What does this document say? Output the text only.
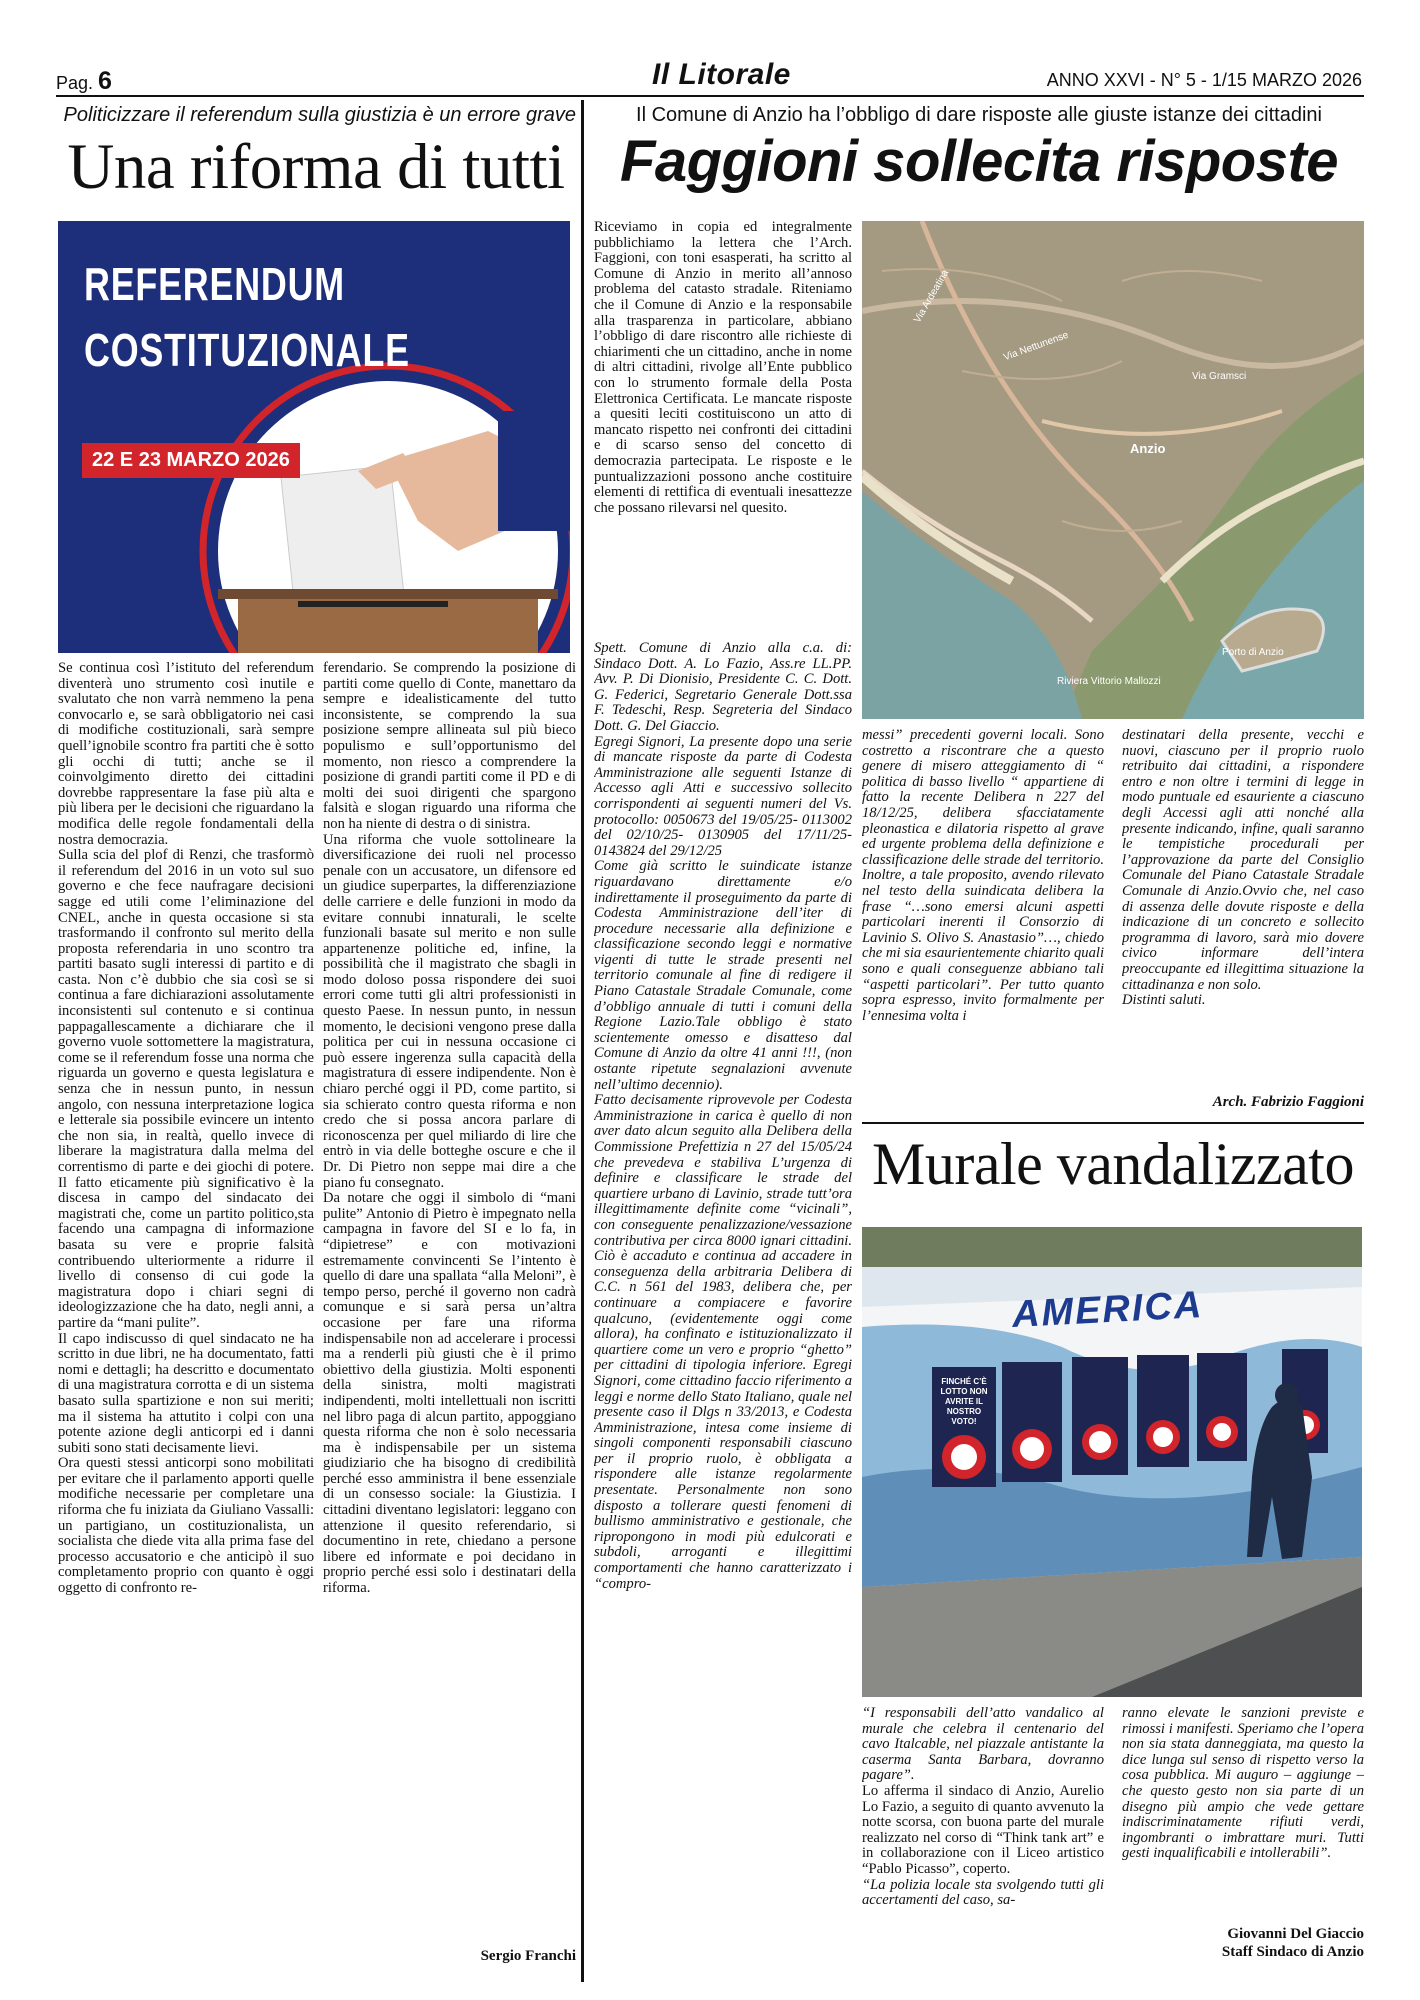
Pag. 6	Il Litorale	ANNO XXVI - N° 5 - 1/15 MARZO 2026
Politicizzare il referendum sulla giustizia è un errore grave
Una riforma di tutti
REFERENDUM
COSTITUZIONALE
22 E 23 MARZO 2026

Se continua così l’istituto del referendum diventerà uno strumento così inutile e svalutato che non varrà nemmeno la pena convocarlo e, se sarà obbligatorio nei casi di modifiche costituzionali, sarà sempre quell’ignobile scontro fra partiti che è sotto gli occhi di tutti; anche se il coinvolgimento diretto dei cittadini dovrebbe rappresentare la fase più alta e più libera per le decisioni che riguardano la modifica delle regole fondamentali della nostra democrazia.

Sulla scia del plof di Renzi, che trasformò il referendum del 2016 in un voto sul suo governo e che fece naufragare decisioni sagge ed utili come l’eliminazione del CNEL, anche in questa occasione si sta trasformando il confronto sul merito della proposta referendaria in uno scontro tra partiti basato sugli interessi di partito e di casta. Non c’è dubbio che sia così se si continua a fare dichiarazioni assolutamente inconsistenti sul contenuto e si continua pappagallescamente a dichiarare che il governo vuole sottomettere la magistratura, come se il referendum fosse una norma che riguarda un governo e questa legislatura e senza che in nessun punto, in nessun angolo, con nessuna interpretazione logica e letterale sia possibile evincere un intento che non sia, in realtà, quello invece di liberare la magistratura dalla melma del correntismo di parte e dei giochi di potere. Il fatto eticamente più significativo è la discesa in campo del sindacato dei magistrati che, come un partito politico,sta facendo una campagna di informazione basata su vere e proprie falsità contribuendo ulteriormente a ridurre il livello di consenso di cui gode la magistratura dopo i chiari segni di ideologizzazione che ha dato, negli anni, a partire da “mani pulite”.

Il capo indiscusso di quel sindacato ne ha scritto in due libri, ne ha documentato, fatti nomi e dettagli; ha descritto e documentato di una magistratura corrotta e di un sistema basato sulla spartizione e non sui meriti; ma il sistema ha attutito i colpi con una potente azione degli anticorpi ed i danni subiti sono stati decisamente lievi.

Ora questi stessi anticorpi sono mobilitati per evitare che il parlamento apporti quelle modifiche necessarie per completare una riforma che fu iniziata da Giuliano Vassalli: un partigiano, un costituzionalista, un socialista che diede vita alla prima fase del processo accusatorio e che anticipò il suo completamento proprio con quanto è oggi oggetto di confronto re-

ferendario. Se comprendo la posizione di partiti come quello di Conte, manettaro da sempre e idealisticamente del tutto inconsistente, se comprendo la sua posizione sempre allineata sul più bieco populismo e sull’opportunismo del momento, non riesco a comprendere la posizione di grandi partiti come il PD e di molti dei suoi dirigenti che spargono falsità e slogan riguardo una riforma che non ha niente di destra o di sinistra.

Una riforma che vuole sottolineare la diversificazione dei ruoli nel processo penale con un accusatore, un difensore ed un giudice superpartes, la differenziazione delle carriere e delle funzioni in modo da evitare connubi innaturali, le scelte funzionali basate sul merito e non sulle appartenenze politiche ed, infine, la possibilità che il magistrato che sbagli in modo doloso possa rispondere dei suoi errori come tutti gli altri professionisti in questo Paese. In nessun punto, in nessun momento, le decisioni vengono prese dalla politica per cui in nessuna occasione ci può essere ingerenza sulla capacità della magistratura di essere indipendente. Non è chiaro perché oggi il PD, come partito, si sia schierato contro questa riforma e non credo che si possa ancora parlare di riconoscenza per quel miliardo di lire che entrò in via delle botteghe oscure e che il Dr. Di Pietro non seppe mai dire a che piano fu consegnato.

Da notare che oggi il simbolo di “mani pulite” Antonio di Pietro è impegnato nella campagna in favore del SI e lo fa, in “dipietrese” e con motivazioni estremamente convincenti Se l’intento è quello di dare una spallata “alla Meloni”, è tempo perso, perché il governo non cadrà comunque e si sarà persa un’altra occasione per fare una riforma indispensabile non ad accelerare i processi ma a renderli più giusti che è il primo obiettivo della giustizia. Molti esponenti della sinistra, molti magistrati indipendenti, molti intellettuali non iscritti nel libro paga di alcun partito, appoggiano questa riforma che non è solo necessaria ma è indispensabile per un sistema giudiziario che ha bisogno di credibilità perché esso amministra il bene essenziale di un consesso sociale: la Giustizia. I cittadini diventano legislatori: leggano con attenzione il quesito referendario, si documentino in rete, chiedano a persone libere ed informate e poi decidano in proprio perché essi solo i destinatari della riforma.

Sergio Franchi
Il Comune di Anzio ha l’obbligo di dare risposte alle giuste istanze dei cittadini
Faggioni sollecita risposte
Riceviamo in copia ed integralmente pubblichiamo la lettera che l’Arch. Faggioni, con toni esasperati, ha scritto al Comune di Anzio in merito all’annoso problema del catasto stradale. Riteniamo che il Comune di Anzio e la responsabile alla trasparenza in particolare, abbiano l’obbligo di dare riscontro alle richieste di chiarimenti che un cittadino, anche in nome di altri cittadini, rivolge all’Ente pubblico con lo strumento formale della Posta Elettronica Certificata. Le mancate risposte a quesiti leciti costituiscono un atto di mancato rispetto nei confronti dei cittadini e di scarso senso del concetto di democrazia partecipata. Le risposte e le puntualizzazioni possono anche costituire elementi di rettifica di eventuali inesattezze che possano rilevarsi nel quesito.
Anzio
Porto di Anzio
Riviera Vittorio Mallozzi
Via Nettunense
Via Ardeatina
Via Gramsci

Spett. Comune di Anzio alla c.a. di: Sindaco Dott. A. Lo Fazio, Ass.re LL.PP. Avv. P. Di Dionisio, Presidente C. C. Dott. G. Federici, Segretario Generale Dott.ssa F. Tedeschi, Resp. Segreteria del Sindaco Dott. G. Del Giaccio.

Egregi Signori, La presente dopo una serie di mancate risposte da parte di Codesta Amministrazione alle seguenti Istanze di Accesso agli Atti e successivo sollecito corrispondenti ai seguenti numeri del Vs. protocollo: 0050673 del 19/05/25- 0113002 del 02/10/25- 0130905 del 17/11/25- 0143824 del 29/12/25

Come già scritto le suindicate istanze riguardavano direttamente e/o indirettamente il proseguimento da parte di Codesta Amministrazione dell’iter di procedure necessarie alla definizione e classificazione secondo leggi e normative vigenti di tutte le strade presenti nel territorio comunale al fine di redigere il Piano Catastale Stradale Comunale, come d’obbligo annuale di tutti i comuni della Regione Lazio.Tale obbligo è stato scientemente omesso e disatteso dal Comune di Anzio da oltre 41 anni !!!, (non ostante ripetute segnalazioni avvenute nell’ultimo decennio).

Fatto decisamente riprovevole per Codesta Amministrazione in carica è quello di non aver dato alcun seguito alla Delibera della Commissione Prefettizia n 27 del 15/05/24 che prevedeva e stabiliva L’urgenza di definire e classificare le strade del quartiere urbano di Lavinio, strade tutt’ora illegittimamente definite come “vicinali”, con conseguente penalizzazione/vessazione contributiva per circa 8000 ignari cittadini. Ciò è accaduto e continua ad accadere in conseguenza della arbitraria Delibera di C.C. n 561 del 1983, delibera che, per continuare a compiacere e favorire qualcuno, (evidentemente oggi come allora), ha confinato e istituzionalizzato il quartiere come un vero e proprio “ghetto” per cittadini di tipologia inferiore. Egregi Signori, come cittadino faccio riferimento a leggi e norme dello Stato Italiano, quale nel presente caso il Dlgs n 33/2013, e Codesta Amministrazione, intesa come insieme di singoli componenti responsabili ciascuno per il proprio ruolo, è obbligata a rispondere alle istanze regolarmente presentate. Personalmente non sono disposto a tollerare questi fenomeni di bullismo amministrativo e gestionale, che ripropongono in modi più edulcorati e subdoli, arroganti e illegittimi comportamenti che hanno caratterizzato i “compro-

messi” precedenti governi locali. Sono costretto a riscontrare che a questo genere di misero atteggiamento di “ politica di basso livello “ appartiene di fatto la recente Delibera n 227 del 18/12/25, delibera sfacciatamente pleonastica e dilatoria rispetto al grave ed urgente problema della definizione e classificazione delle strade del territorio. Inoltre, a tale proposito, avendo rilevato nel testo della suindicata delibera la frase “…sono emersi alcuni aspetti particolari inerenti il Consorzio di Lavinio S. Olivo S. Anastasio”…, chiedo che mi sia esaurientemente chiarito quali sono e quali conseguenze abbiano tali “aspetti particolari”. Per tutto quanto sopra espresso, invito formalmente per l’ennesima volta i

destinatari della presente, vecchi e nuovi, ciascuno per il proprio ruolo retribuito dai cittadini, a rispondere entro e non oltre i termini di legge in modo puntuale ed esauriente a ciascuno degli Accessi agli atti nonché alla presente indicando, infine, quali saranno le tempistiche procedurali per l’approvazione da parte del Consiglio Comunale del Piano Catastale Stradale Comunale di Anzio.Ovvio che, nel caso di assenza delle dovute risposte e della indicazione di un concreto e sollecito programma di lavoro, sarà mio dovere civico informare dell’intera preoccupante ed illegittima situazione la cittadinanza e non solo.

Distinti saluti.

Arch. Fabrizio Faggioni
Murale vandalizzato
AMERICA
FINCHÉ C’È LOTTO NON AVRITE IL NOSTRO VOTO!

“I responsabili dell’atto vandalico al murale che celebra il centenario del cavo Italcable, nel piazzale antistante la caserma Santa Barbara, dovranno pagare”.

Lo afferma il sindaco di Anzio, Aurelio Lo Fazio, a seguito di quanto avvenuto la notte scorsa, con buona parte del murale realizzato nel corso di “Think tank art” e in collaborazione con il Liceo artistico “Pablo Picasso”, coperto.

“La polizia locale sta svolgendo tutti gli accertamenti del caso, sa-

ranno elevate le sanzioni previste e rimossi i manifesti. Speriamo che l’opera non sia stata danneggiata, ma questo la dice lunga sul senso di rispetto verso la cosa pubblica. Mi auguro – aggiunge – che questo gesto non sia parte di un disegno più ampio che vede gettare indiscriminatamente rifiuti verdi, ingombranti o imbrattare muri. Tutti gesti inqualificabili e intollerabili”.
Giovanni Del Giaccio
Staff Sindaco di Anzio
